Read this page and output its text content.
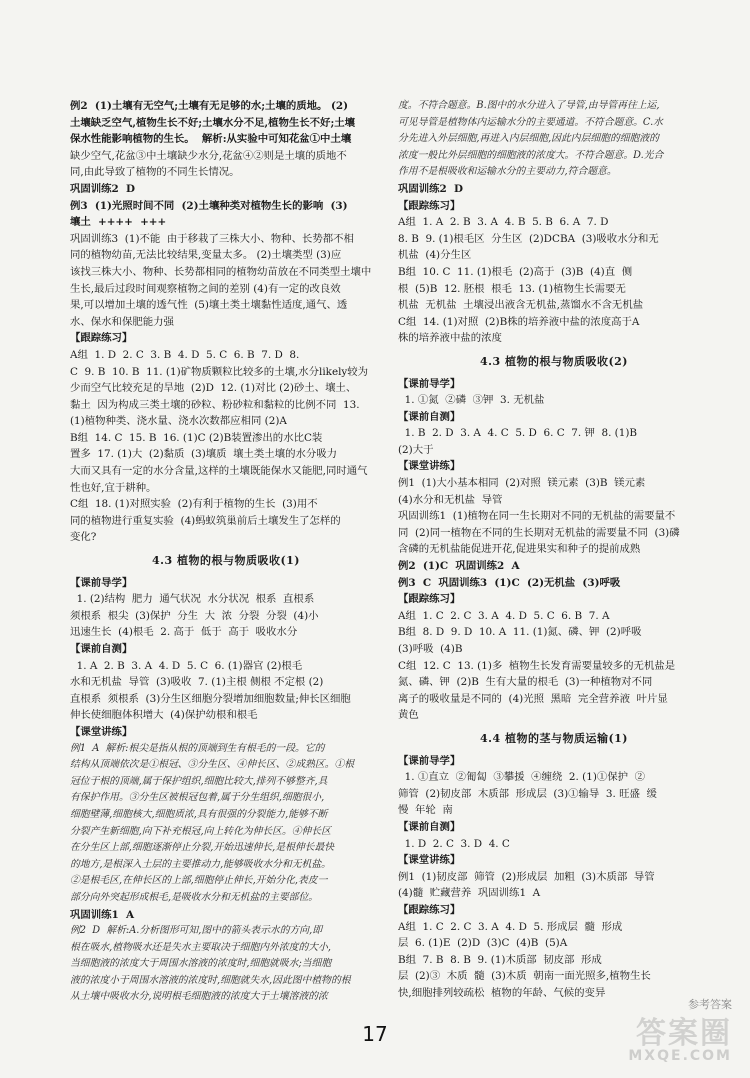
例2  (1)土壤有无空气;土壤有无足够的水;土壤的质地。 (2)

土壤缺乏空气,植物生长不好;土壤水分不足,植物生长不好;土壤

保水性能影响植物的生长。  解析:从实验中可知花盆①中土壤

缺少空气,花盆③中土壤缺少水分,花盆④②则是土壤的质地不

同,由此导致了植物的不同生长情况。

巩固训练2  D

例3  (1)光照时间不同  (2)土壤种类对植物生长的影响  (3)

壤土  ++++  +++

巩固训练3  (1)不能  由于移栽了三株大小、物种、长势都不相

同的植物幼苗,无法比较结果,变量太多。 (2)土壤类型 (3)应

该找三株大小、物种、长势都相同的植物幼苗放在不同类型土壤中

生长,最后过段时间观察植物之间的差别 (4)有一定的改良效

果,可以增加土壤的透气性  (5)壤土类土壤黏性适度,通气、透

水、保水和保肥能力强

【跟踪练习】

A组  1. D  2. C  3. B  4. D  5. C  6. B  7. D  8.

C  9. B  10. B  11. (1)矿物质颗粒比较多的土壤,水分likely较为

少而空气比较充足的旱地  (2)D  12. (1)对比 (2)砂土、壤土、

黏土  因为构成三类土壤的砂粒、粉砂粒和黏粒的比例不同  13.

(1)植物种类、浇水量、浇水次数都应相同 (2)A

B组  14. C  15. B  16. (1)C (2)B装置渗出的水比C装

置多  17. (1)大  (2)黏质  (3)壤质  壤土类土壤的水分吸力

大而又具有一定的水分含量,这样的土壤既能保水又能肥,同时通气

性也好,宜于耕种。

C组  18. (1)对照实验  (2)有利于植物的生长  (3)用不

同的植物进行重复实验  (4)蚂蚁筑巢前后土壤发生了怎样的

变化?

4.3 植物的根与物质吸收(1)

【课前导学】

1. (2)结构  肥力  通气状况  水分状况  根系  直根系

须根系  根尖  (3)保护  分生  大  浓  分裂  分裂  (4)小

迅速生长  (4)根毛  2. 高于  低于  高于  吸收水分

【课前自测】

1. A  2. B  3. A  4. D  5. C  6. (1)器官 (2)根毛

水和无机盐  导管  (3)吸收  7. (1)主根 侧根 不定根 (2)

直根系  须根系  (3)分生区细胞分裂增加细胞数量;伸长区细胞

伸长使细胞体积增大  (4)保护幼根和根毛

【课堂讲练】

例1  A  解析:根尖是指从根的顶端到生有根毛的一段。它的

结构从顶端依次是①根冠、③分生区、④伸长区、②成熟区。①根

冠位于根的顶端,属于保护组织,细胞比较大,排列不够整齐,具

有保护作用。③分生区被根冠包着,属于分生组织,细胞很小,

细胞壁薄,细胞核大,细胞质浓,具有很强的分裂能力,能够不断

分裂产生新细胞,向下补充根冠,向上转化为伸长区。④伸长区

在分生区上部,细胞逐渐停止分裂,开始迅速伸长,是根伸长最快

的地方,是根深入土层的主要推动力,能够吸收水分和无机盐。

②是根毛区,在伸长区的上部,细胞停止伸长,开始分化,表皮一

部分向外突起形成根毛,是吸收水分和无机盐的主要部位。

巩固训练1  A

例2  D  解析:A.分析图形可知,图中的箭头表示水的方向,即

根在吸水,植物吸水还是失水主要取决于细胞内外浓度的大小,

当细胞液的浓度大于周围水溶液的浓度时,细胞就吸水;当细胞

液的浓度小于周围水溶液的浓度时,细胞就失水,因此图中植物的根

从土壤中吸收水分,说明根毛细胞液的浓度大于土壤溶液的浓

度。不符合题意。B.图中的水分进入了导管,由导管再往上运,

可见导管是植物体内运输水分的主要通道。不符合题意。C.水

分先进入外层细胞,再进入内层细胞,因此内层细胞的细胞液的

浓度一般比外层细胞的细胞液的浓度大。不符合题意。D.光合

作用不是根吸收和运输水分的主要动力,符合题意。

巩固训练2  D

【跟踪练习】

A组  1. A  2. B  3. A  4. B  5. B  6. A  7. D

8. B  9. (1)根毛区  分生区  (2)DCBA  (3)吸收水分和无

机盐  (4)分生区

B组  10. C  11. (1)根毛  (2)高于  (3)B  (4)直  侧

根  (5)B  12. 胚根  根毛  13. (1)植物生长需要无

机盐  无机盐  土壤浸出液含无机盐,蒸馏水不含无机盐

C组  14. (1)对照  (2)B株的培养液中盐的浓度高于A

株的培养液中盐的浓度

4.3 植物的根与物质吸收(2)

【课前导学】

1. ①氮  ②磷  ③钾  3. 无机盐

【课前自测】

1. B  2. D  3. A  4. C  5. D  6. C  7. 钾  8. (1)B

(2)大于

【课堂讲练】

例1  (1)大小基本相同  (2)对照  镁元素  (3)B  镁元素

(4)水分和无机盐  导管

巩固训练1  (1)植物在同一生长期对不同的无机盐的需要量不

同  (2)同一植物在不同的生长期对无机盐的需要量不同  (3)磷

含磷的无机盐能促进开花,促进果实和种子的提前成熟

例2  (1)C  巩固训练2  A

例3  C  巩固训练3  (1)C  (2)无机盐  (3)呼吸

【跟踪练习】

A组  1. C  2. C  3. A  4. D  5. C  6. B  7. A

B组  8. D  9. D  10. A  11. (1)氮、磷、钾  (2)呼吸

(3)呼吸  (4)B

C组  12. C  13. (1)多  植物生长发育需要量较多的无机盐是

氮、磷、钾  (2)B  生有大量的根毛  (3)一种植物对不同

离子的吸收量是不同的  (4)光照  黑暗  完全营养液  叶片显

黄色

4.4 植物的茎与物质运输(1)

【课前导学】

1. ①直立  ②匍匐  ③攀援  ④缠绕  2. (1)①保护  ②

筛管  (2)韧皮部  木质部  形成层  (3)①输导  3. 旺盛  缓

慢  年轮  南

【课前自测】

1. D  2. C  3. D  4. C

【课堂讲练】

例1  (1)韧皮部  筛管  (2)形成层  加粗  (3)木质部  导管

(4)髓  贮藏营养  巩固训练1  A

【跟踪练习】

A组  1. C  2. C  3. A  4. D  5. 形成层  髓  形成

层  6. (1)E  (2)D  (3)C  (4)B  (5)A

B组  7. B  8. B  9. (1)木质部  韧皮部  形成

层  (2)③  木质  髓  (3)木质  朝南一面光照多,植物生长

快,细胞排列较疏松  植物的年龄、气候的变异

17
参考答案
答案圈
MXQE.COM
